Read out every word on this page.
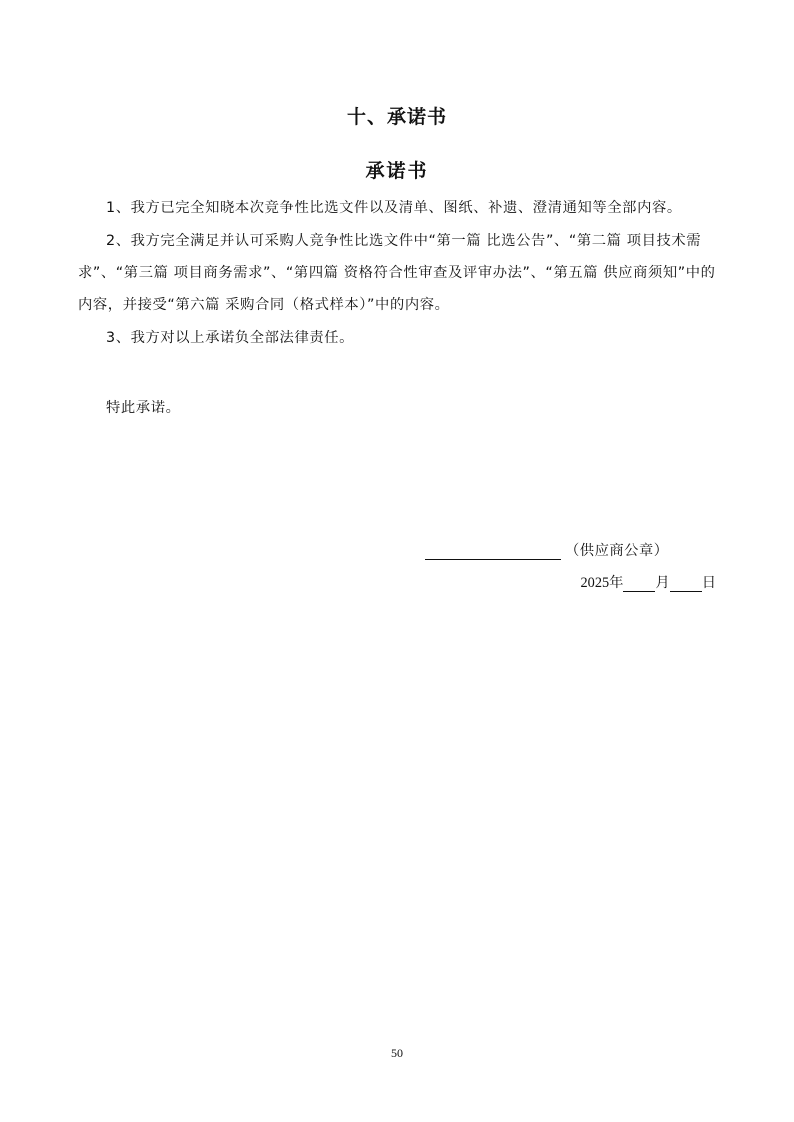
十、承诺书
承诺书

1、我方已完全知晓本次竞争性比选文件以及清单、图纸、补遗、澄清通知等全部内容。

2、我方完全满足并认可采购人竞争性比选文件中“第一篇 比选公告”、“第二篇 项目技术需求”、“第三篇 项目商务需求”、“第四篇 资格符合性审查及评审办法”、“第五篇 供应商须知”中的内容，并接受“第六篇 采购合同（格式样本）”中的内容。

3、我方对以上承诺负全部法律责任。

特此承诺。

（供应商公章）
2025年 月 日
50
